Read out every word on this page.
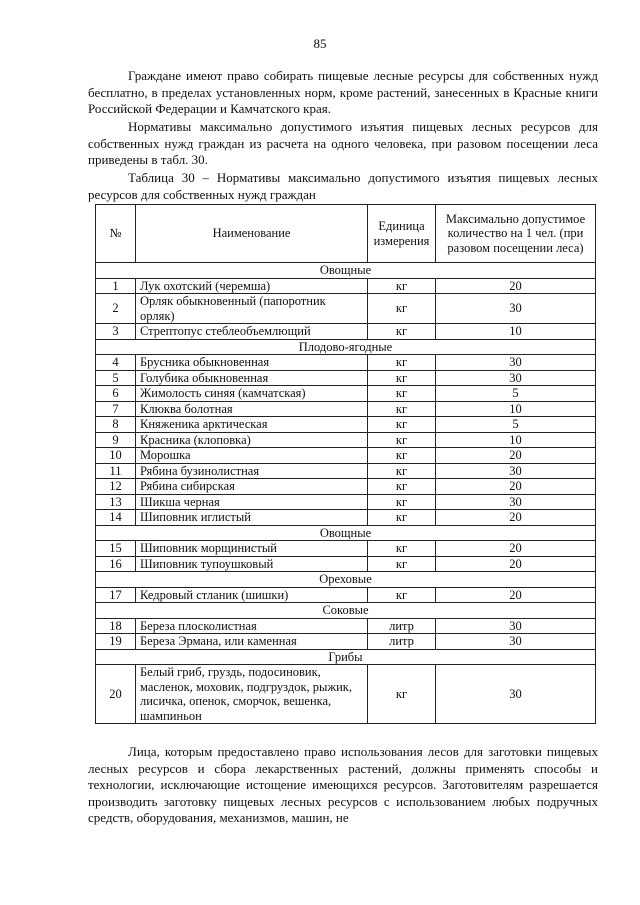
85

Граждане имеют право собирать пищевые лесные ресурсы для собственных нужд бесплатно, в пределах установленных норм, кроме растений, занесенных в Красные книги Российской Федерации и Камчатского края.

Нормативы максимально допустимого изъятия пищевых лесных ресурсов для собственных нужд граждан из расчета на одного человека, при разовом посещении леса приведены в табл. 30.

Таблица 30 – Нормативы максимально допустимого изъятия пищевых лесных ресурсов для собственных нужд граждан

№	Наименование	Единица измерения	Максимально допустимое количество на 1 чел. (при разовом посещении леса)
Овощные			
1	Лук охотский (черемша)	кг	20
2	Орляк обыкновенный (папоротник орляк)	кг	30
3	Стрептопус стеблеобъемлющий	кг	10
Плодово-ягодные			
4	Брусника обыкновенная	кг	30
5	Голубика обыкновенная	кг	30
6	Жимолость синяя (камчатская)	кг	5
7	Клюква болотная	кг	10
8	Княженика арктическая	кг	5
9	Красника (клоповка)	кг	10
10	Морошка	кг	20
11	Рябина бузинолистная	кг	30
12	Рябина сибирская	кг	20
13	Шикша черная	кг	30
14	Шиповник иглистый	кг	20
Овощные			
15	Шиповник морщинистый	кг	20
16	Шиповник тупоушковый	кг	20
Ореховые			
17	Кедровый стланик (шишки)	кг	20
Соковые			
18	Береза плосколистная	литр	30
19	Береза Эрмана, или каменная	литр	30
Грибы			
20	Белый гриб, груздь, подосиновик, масленок, моховик, подгруздок, рыжик, лисичка, опенок, сморчок, вешенка, шампиньон	кг	30

Лица, которым предоставлено право использования лесов для заготовки пищевых лесных ресурсов и сбора лекарственных растений, должны применять способы и технологии, исключающие истощение имеющихся ресурсов. Заготовителям разрешается производить заготовку пищевых лесных ресурсов с использованием любых подручных средств, оборудования, механизмов, машин, не
